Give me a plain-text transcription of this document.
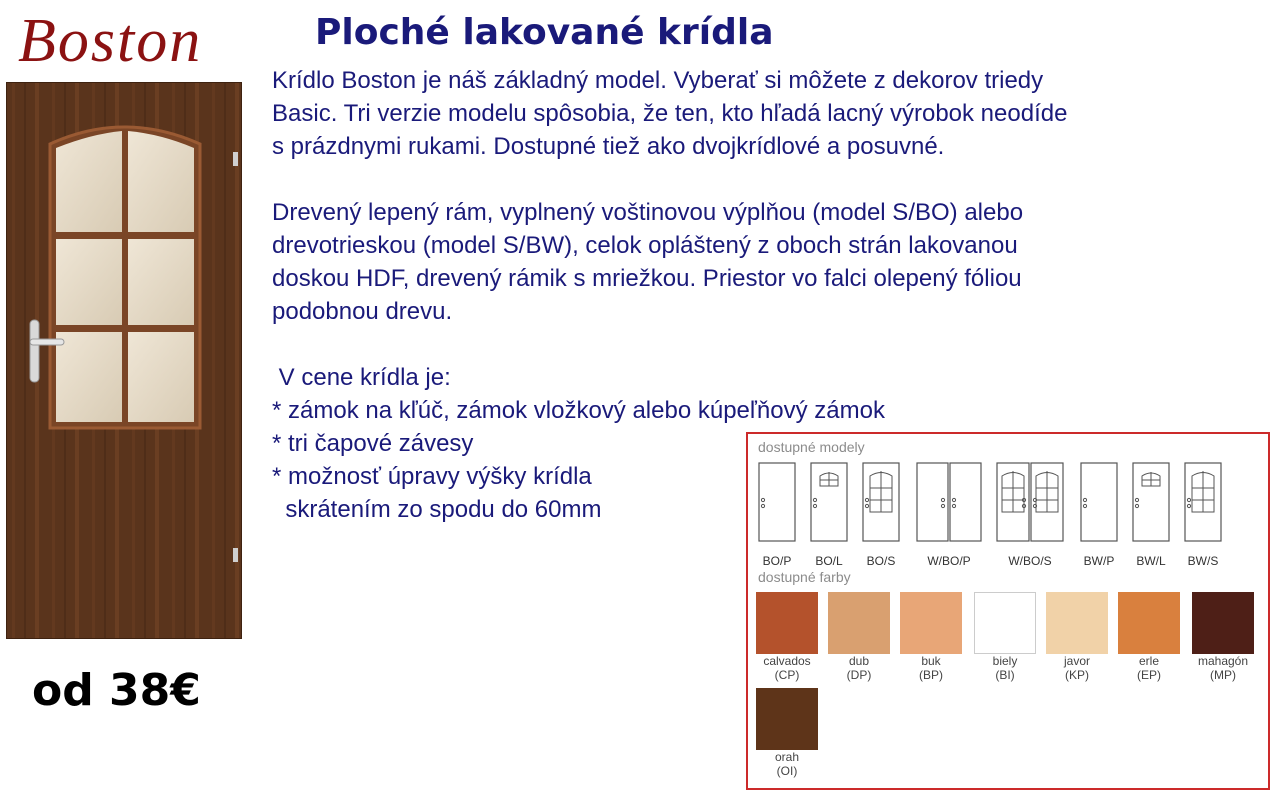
Boston	Ploché lakované krídla

Krídlo Boston je náš základný model. Vyberať si môžete z dekorov triedy

Basic. Tri verzie modelu spôsobia, že ten, kto hľadá lacný výrobok neodíde

s prázdnymi rukami. Dostupné tiež ako dvojkrídlové a posuvné.

Drevený lepený rám, vyplnený voštinovou výplňou (model S/BO) alebo

drevotrieskou (model S/BW), celok opláštený z oboch strán lakovanou

doskou HDF, drevený rámik s mriežkou. Priestor vo falci olepený fóliou

podobnou drevu.

V cene krídla je:

* zámok na kľúč, zámok vložkový alebo kúpeľňový zámok

* tri čapové závesy

* možnosť úpravy výšky krídla

skrátením zo spodu do 60mm

od 38€
dostupné modely
BO/P	BO/L	BO/S	W/BO/P	W/BO/S	BW/P	BW/L	BW/S
dostupné farby
calvados
(CP)
dub
(DP)
buk
(BP)
biely
(BI)
javor
(KP)
erle
(EP)
mahagón
(MP)
orah
(OI)
